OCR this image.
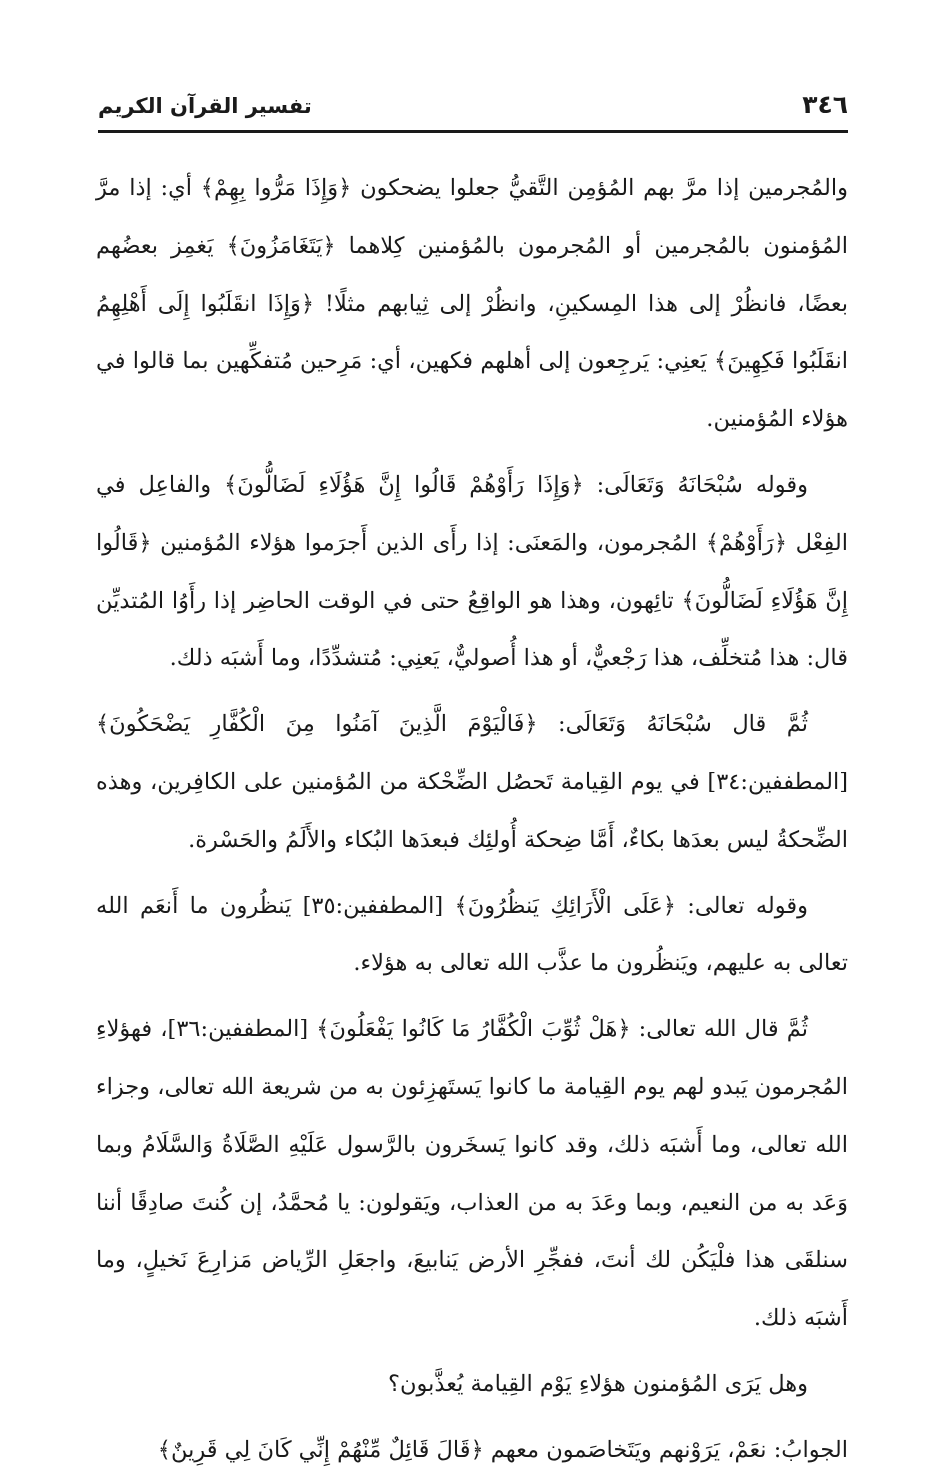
٣٤٦
تفسير القرآن الكريم

والمُجرمين إذا مرَّ بهم المُؤمِن التَّقيُّ جعلوا يضحكون ﴿وَإِذَا مَرُّوا بِهِمْ﴾ أي: إذا مرَّ المُؤمنون بالمُجرمين أو المُجرمون بالمُؤمنين كِلاهما ﴿يَتَغَامَزُونَ﴾ يَغمِز بعضُهم بعضًا، فانظُرْ إلى هذا المِسكينِ، وانظُرْ إلى ثِيابهم مثلًا! ﴿وَإِذَا انقَلَبُوا إِلَى أَهْلِهِمُ انقَلَبُوا فَكِهِينَ﴾ يَعنِي: يَرجِعون إلى أهلهم فكهين، أي: مَرِحين مُتفكِّهين بما قالوا في هؤلاء المُؤمنين.

وقوله سُبْحَانَهُ وَتَعَالَى: ﴿وَإِذَا رَأَوْهُمْ قَالُوا إِنَّ هَؤُلَاءِ لَضَالُّونَ﴾ والفاعِل في الفِعْل ﴿رَأَوْهُمْ﴾ المُجرمون، والمَعنَى: إذا رأَى الذين أَجرَموا هؤلاء المُؤمنين ﴿قَالُوا إِنَّ هَؤُلَاءِ لَضَالُّونَ﴾ تائِهون، وهذا هو الواقِعُ حتى في الوقت الحاضِر إذا رأَوُا المُتديِّن قال: هذا مُتخلِّف، هذا رَجْعيٌّ، أو هذا أُصوليٌّ، يَعنِي: مُتشدِّدًا، وما أَشبَه ذلك.

ثُمَّ قال سُبْحَانَهُ وَتَعَالَى: ﴿فَالْيَوْمَ الَّذِينَ آمَنُوا مِنَ الْكُفَّارِ يَضْحَكُونَ﴾ [المطففين:٣٤] في يوم القِيامة تَحصُل الضِّحْكة من المُؤمنين على الكافِرين، وهذه الضِّحكةُ ليس بعدَها بكاءٌ، أَمَّا ضِحكة أُولئِك فبعدَها البُكاء والأَلَمُ والحَسْرة.

وقوله تعالى: ﴿عَلَى الْأَرَائِكِ يَنظُرُونَ﴾ [المطففين:٣٥] يَنظُرون ما أَنعَم الله تعالى به عليهم، ويَنظُرون ما عذَّب الله تعالى به هؤلاء.

ثُمَّ قال الله تعالى: ﴿هَلْ ثُوِّبَ الْكُفَّارُ مَا كَانُوا يَفْعَلُونَ﴾ [المطففين:٣٦]، فهؤلاءِ المُجرمون يَبدو لهم يوم القِيامة ما كانوا يَستَهزِئون به من شريعة الله تعالى، وجزاء الله تعالى، وما أَشبَه ذلك، وقد كانوا يَسخَرون بالرَّسول عَلَيْهِ الصَّلَاةُ وَالسَّلَامُ وبما وَعَد به من النعيم، وبما وعَدَ به من العذاب، ويَقولون: يا مُحمَّدُ، إن كُنتَ صادِقًا أننا سنلقَى هذا فلْيَكُن لك أنتَ، ففجِّرِ الأرض يَنابيعَ، واجعَلِ الرِّياض مَزارِعَ نَخيلٍ، وما أَشبَه ذلك.

وهل يَرَى المُؤمنون هؤلاءِ يَوْم القِيامة يُعذَّبون؟

الجوابُ: نعَمْ، يَرَوْنهم ويَتَخاصَمون معهم ﴿قَالَ قَائِلٌ مِّنْهُمْ إِنِّي كَانَ لِي قَرِينٌ﴾
